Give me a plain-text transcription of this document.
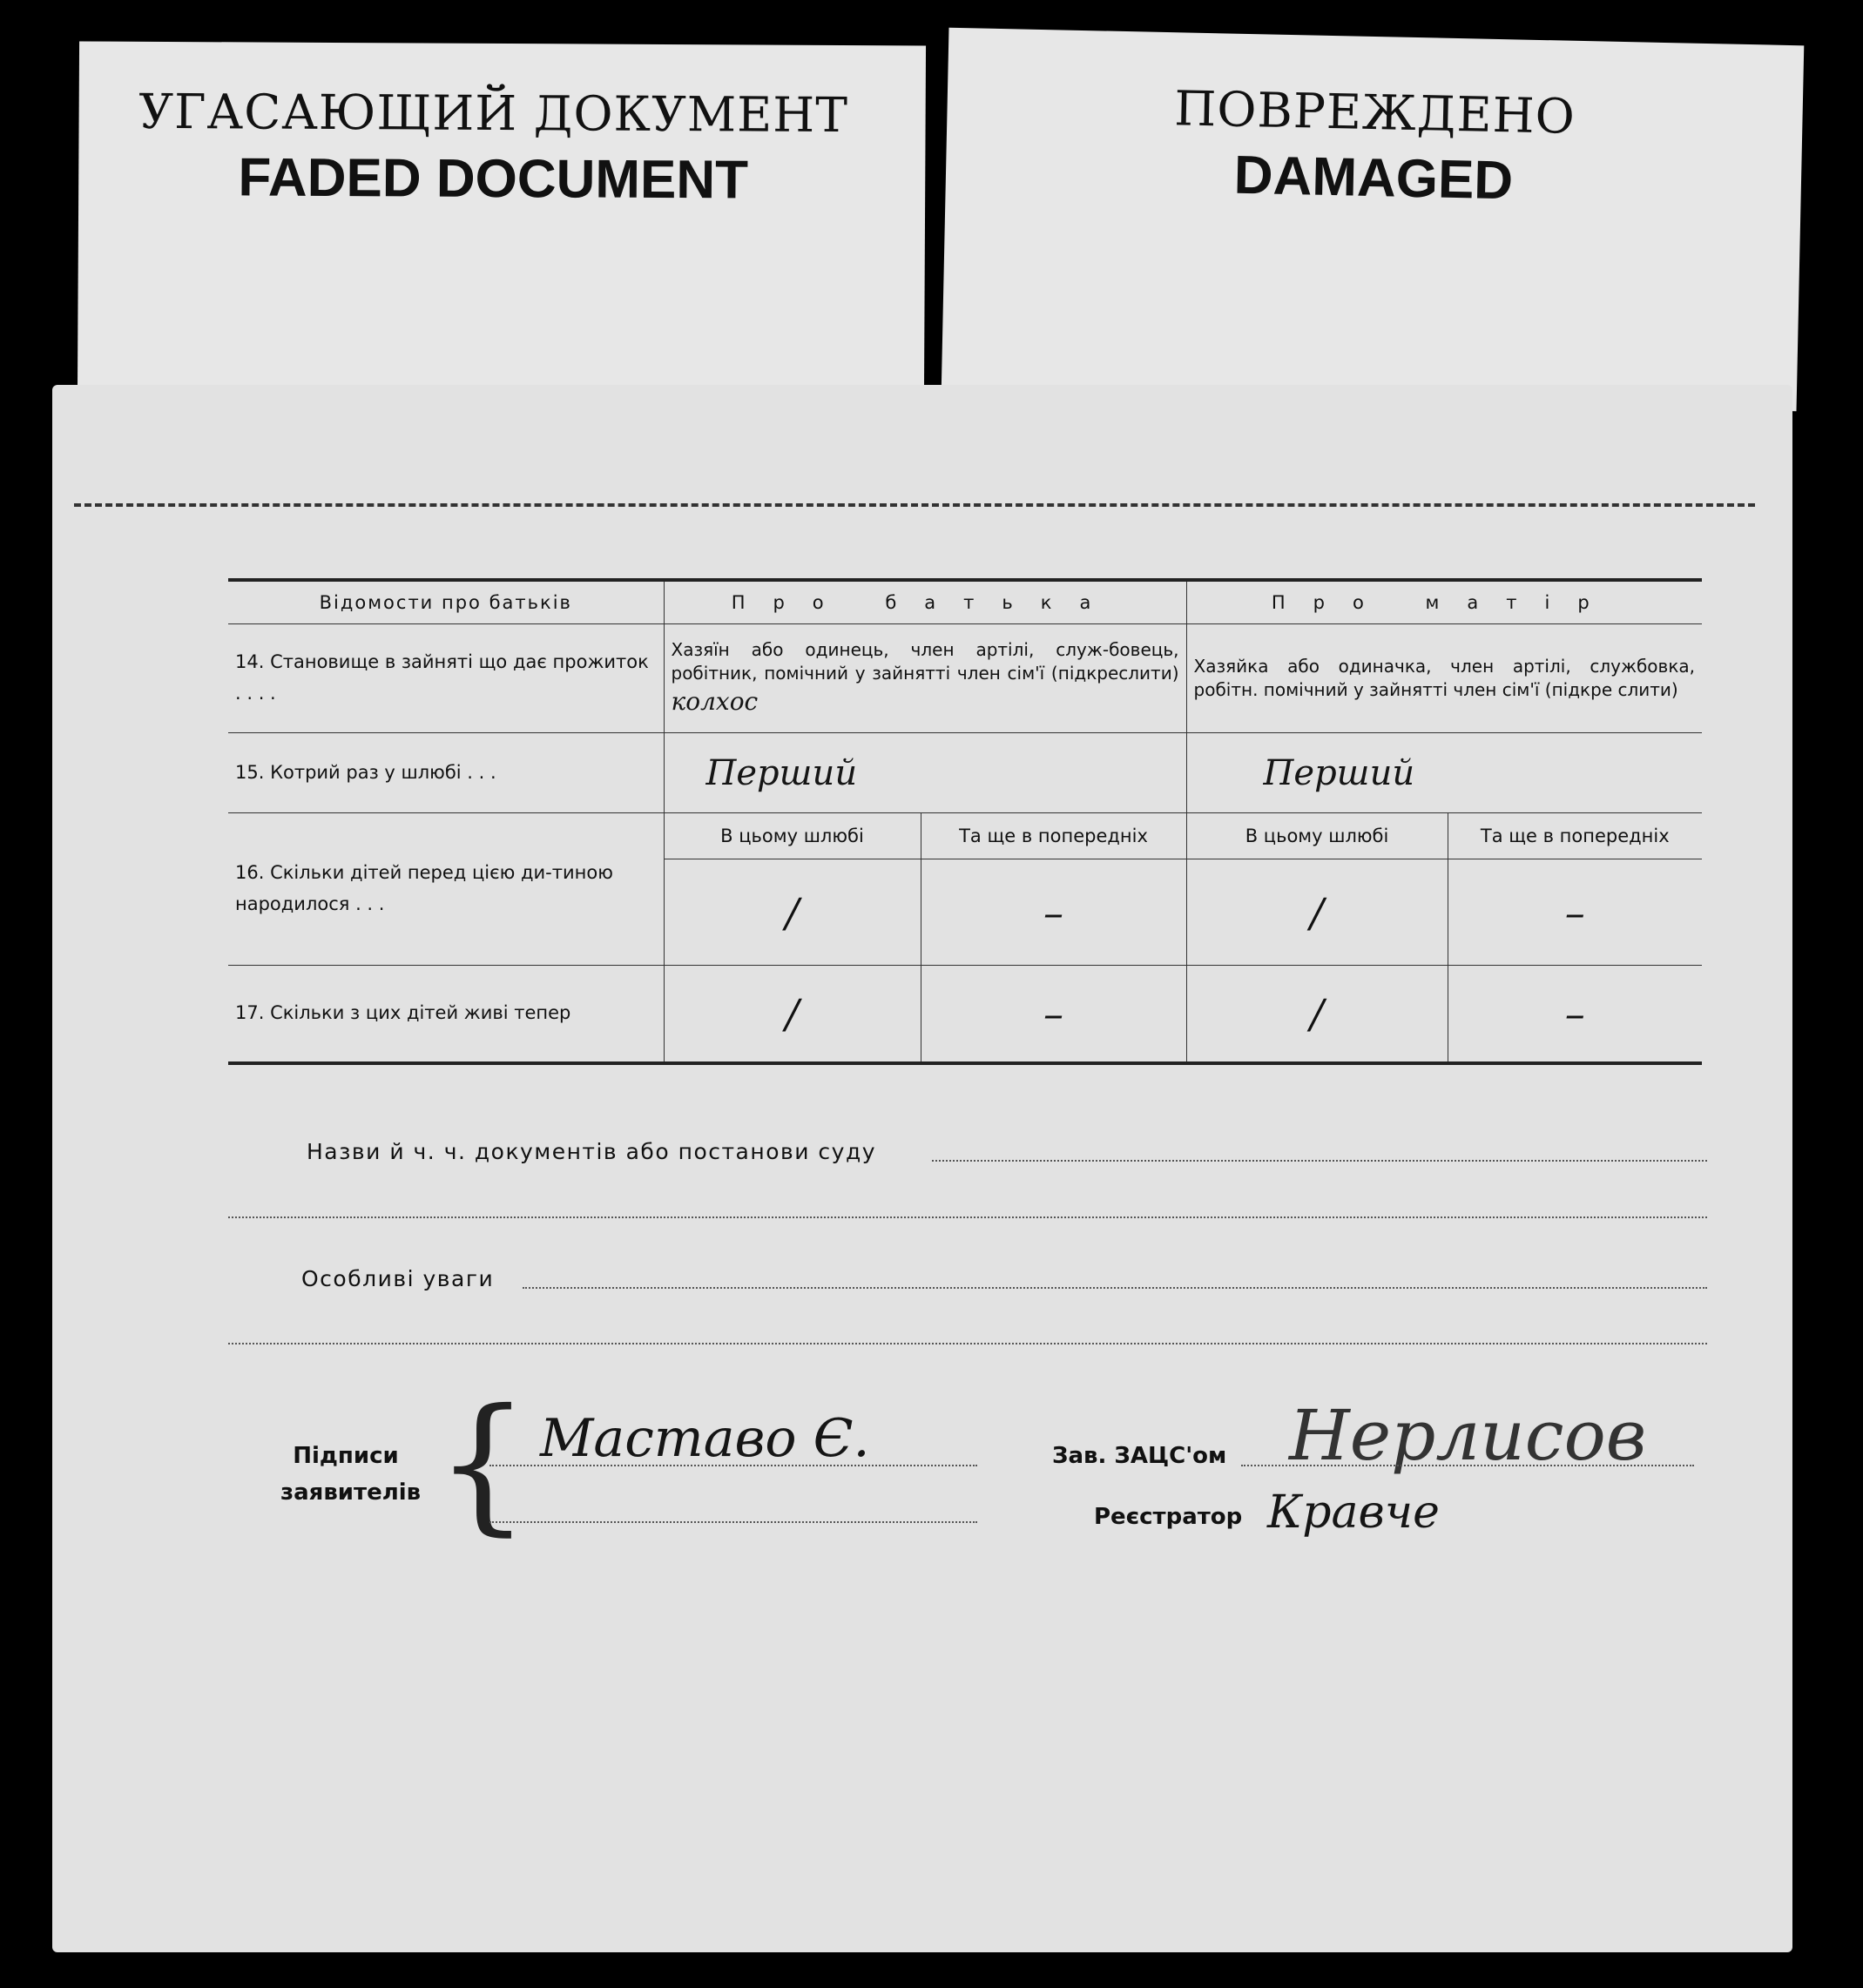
УГАСАЮЩИЙ ДОКУМЕНТ
FADED DOCUMENT
ПОВРЕЖДЕНО
DAMAGED
Відомости про батьків	Про батька		Про матір	
14. Становище в зайняті що дає прожиток . . . .	Хазяїн або одинець, член артілі, служ-бовець, робітник, помічний у зайнятті член сім'ї (підкреслити) колхос		Хазяйка або одиначка, член артілі, службовка, робітн. помічний у зайнятті член сім'ї (підкре слити)	
15. Котрий раз у шлюбі . . .	Перший		Перший	
16. Скільки дітей перед цією ди-тиною народилося . . .	В цьому шлюбі	Та ще в попередніх	В цьому шлюбі	Та ще в попередніх
	/	–	/	–
17. Скільки з цих дітей живі тепер	/	–	/	–
Назви й ч. ч. документів або постанови суду
Особливі уваги
Підписи заявителів { Маставо Є.	Зав. ЗАЦС'ом Нерлисов
Реєстратор Кравче
